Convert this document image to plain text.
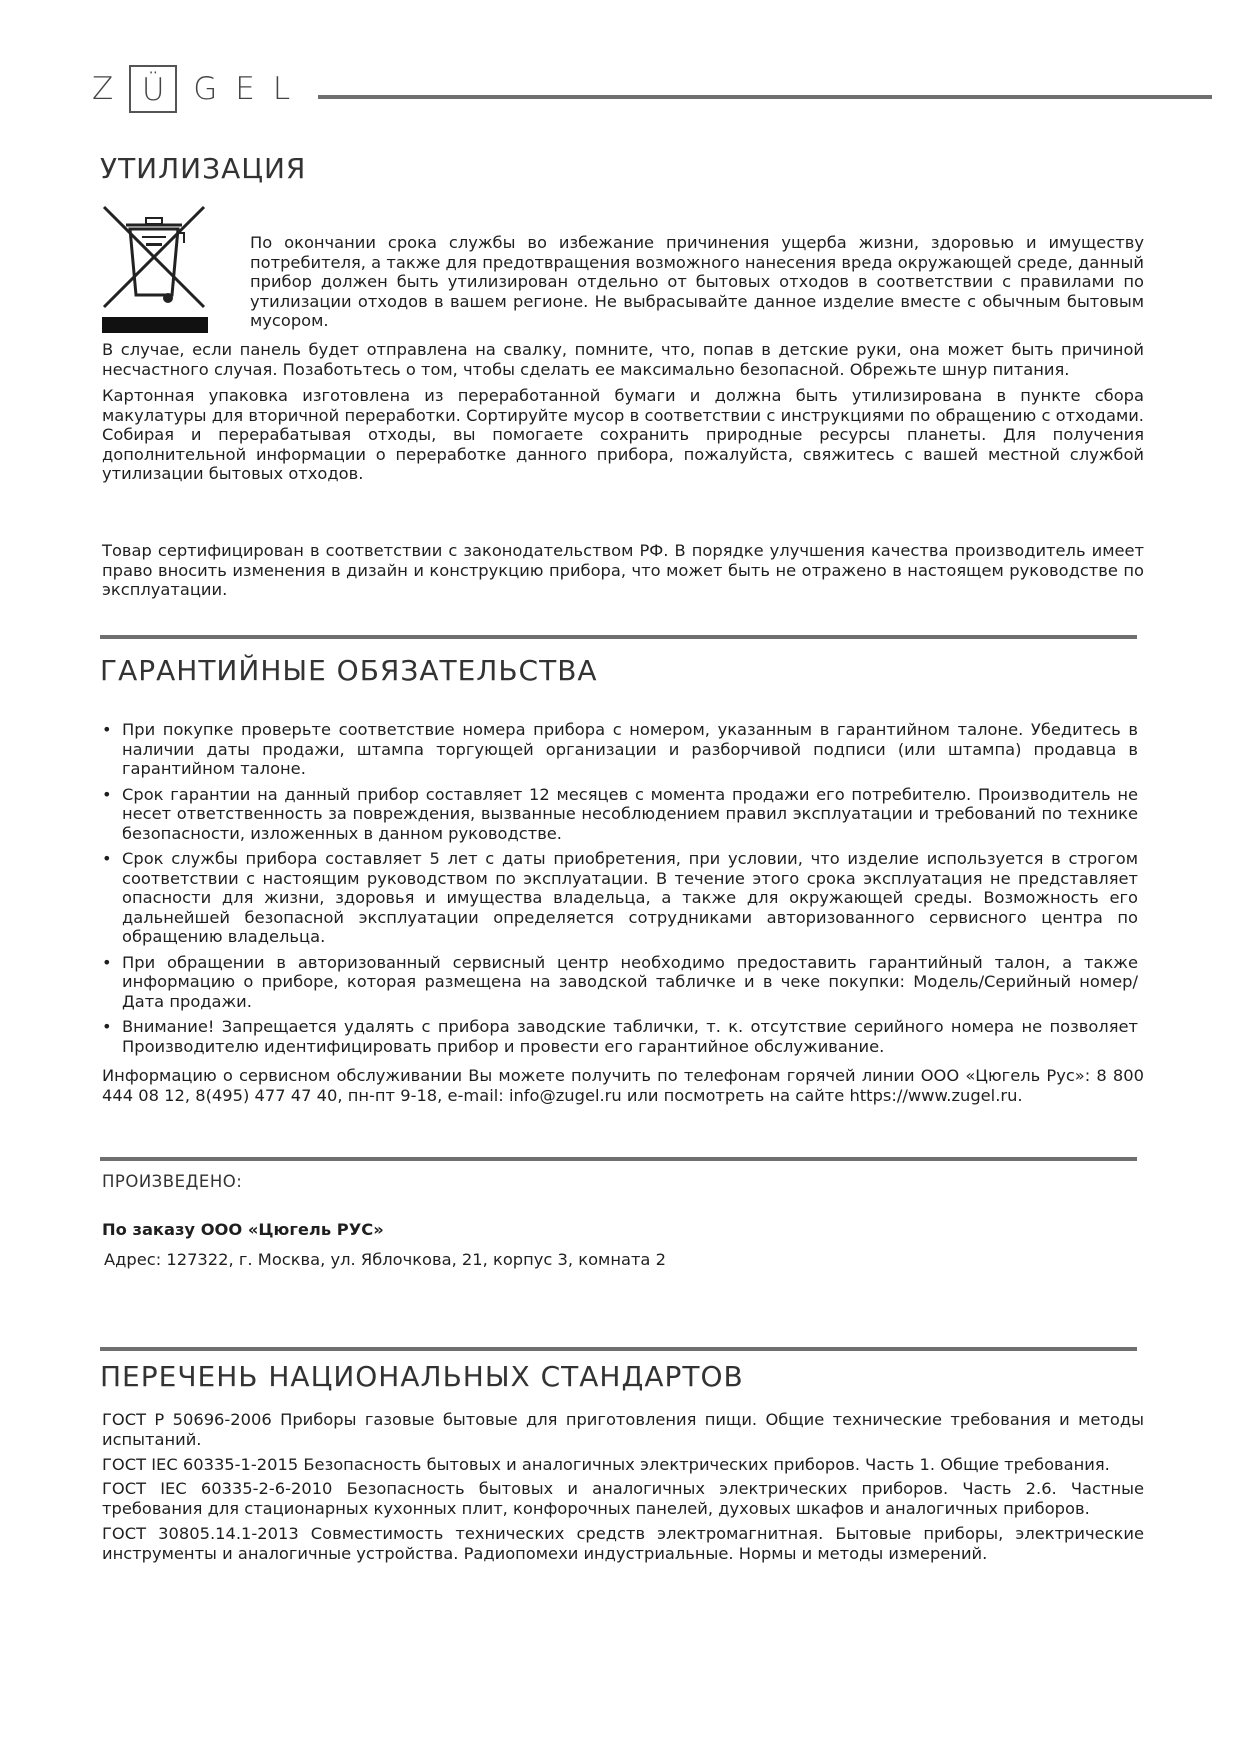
Z Ü G E L
УТИЛИЗАЦИЯ

По окончании срока службы во избежание причинения ущерба жизни, здоровью и имуществу потребителя, а также для предотвращения возможного нанесения вреда окружающей среде, данный прибор должен быть утилизирован отдельно от бытовых отходов в соответствии с правилами по утилизации отходов в вашем регионе. Не выбрасывайте данное изделие вместе с обычным бытовым мусором.

В случае, если панель будет отправлена на свалку, помните, что, попав в детские руки, она может быть причиной несчастного случая. Позаботьтесь о том, чтобы сделать ее максимально безопасной. Обрежьте шнур питания.

Картонная упаковка изготовлена из переработанной бумаги и должна быть утилизирована в пункте сбора макулатуры для вторичной переработки. Сортируйте мусор в соответствии с инструкциями по обращению с отходами. Собирая и перерабатывая отходы, вы помогаете сохранить природные ресурсы планеты. Для получения дополнительной информации о переработке данного прибора, пожалуйста, свяжитесь с вашей местной службой утилизации бытовых отходов.

Товар сертифицирован в соответствии с законодательством РФ. В порядке улучшения качества производитель имеет право вносить изменения в дизайн и конструкцию прибора, что может быть не отражено в настоящем руководстве по эксплуатации.

ГАРАНТИЙНЫЕ ОБЯЗАТЕЛЬСТВА
• При покупке проверьте соответствие номера прибора с номером, указанным в гарантийном талоне. Убедитесь в наличии даты продажи, штампа торгующей организации и разборчивой подписи (или штампа) продавца в гарантийном талоне.
• Срок гарантии на данный прибор составляет 12 месяцев с момента продажи его потребителю. Производитель не несет ответственность за повреждения, вызванные несоблюдением правил эксплуатации и требований по технике безопасности, изложенных в данном руководстве.
• Срок службы прибора составляет 5 лет с даты приобретения, при условии, что изделие используется в строгом соответствии с настоящим руководством по эксплуатации. В течение этого срока эксплуатация не представляет опасности для жизни, здоровья и имущества владельца, а также для окружающей среды. Возможность его дальнейшей безопасной эксплуатации определяется сотрудниками авторизованного сервисного центра по обращению владельца.
• При обращении в авторизованный сервисный центр необходимо предоставить гарантийный талон, а также информацию о приборе, которая размещена на заводской табличке и в чеке покупки: Модель/Серийный номер/ Дата продажи.
• Внимание! Запрещается удалять с прибора заводские таблички, т. к. отсутствие серийного номера не позволяет Производителю идентифицировать прибор и провести его гарантийное обслуживание.

Информацию о сервисном обслуживании Вы можете получить по телефонам горячей линии ООО «Цюгель Рус»: 8 800 444 08 12, 8(495) 477 47 40, пн-пт 9-18, e-mail: info@zugel.ru или посмотреть на сайте https://www.zugel.ru.

ПРОИЗВЕДЕНО:

По заказу ООО «Цюгель РУС»

Адрес: 127322, г. Москва, ул. Яблочкова, 21, корпус 3, комната 2

ПЕРЕЧЕНЬ НАЦИОНАЛЬНЫХ СТАНДАРТОВ

ГОСТ Р 50696-2006 Приборы газовые бытовые для приготовления пищи. Общие технические требования и методы испытаний.

ГОСТ IEC 60335-1-2015 Безопасность бытовых и аналогичных электрических приборов. Часть 1. Общие требования.

ГОСТ IEC 60335-2-6-2010 Безопасность бытовых и аналогичных электрических приборов. Часть 2.6. Частные требования для стационарных кухонных плит, конфорочных панелей, духовых шкафов и аналогичных приборов.

ГОСТ 30805.14.1-2013 Совместимость технических средств электромагнитная. Бытовые приборы, электрические инструменты и аналогичные устройства. Радиопомехи индустриальные. Нормы и методы измерений.
